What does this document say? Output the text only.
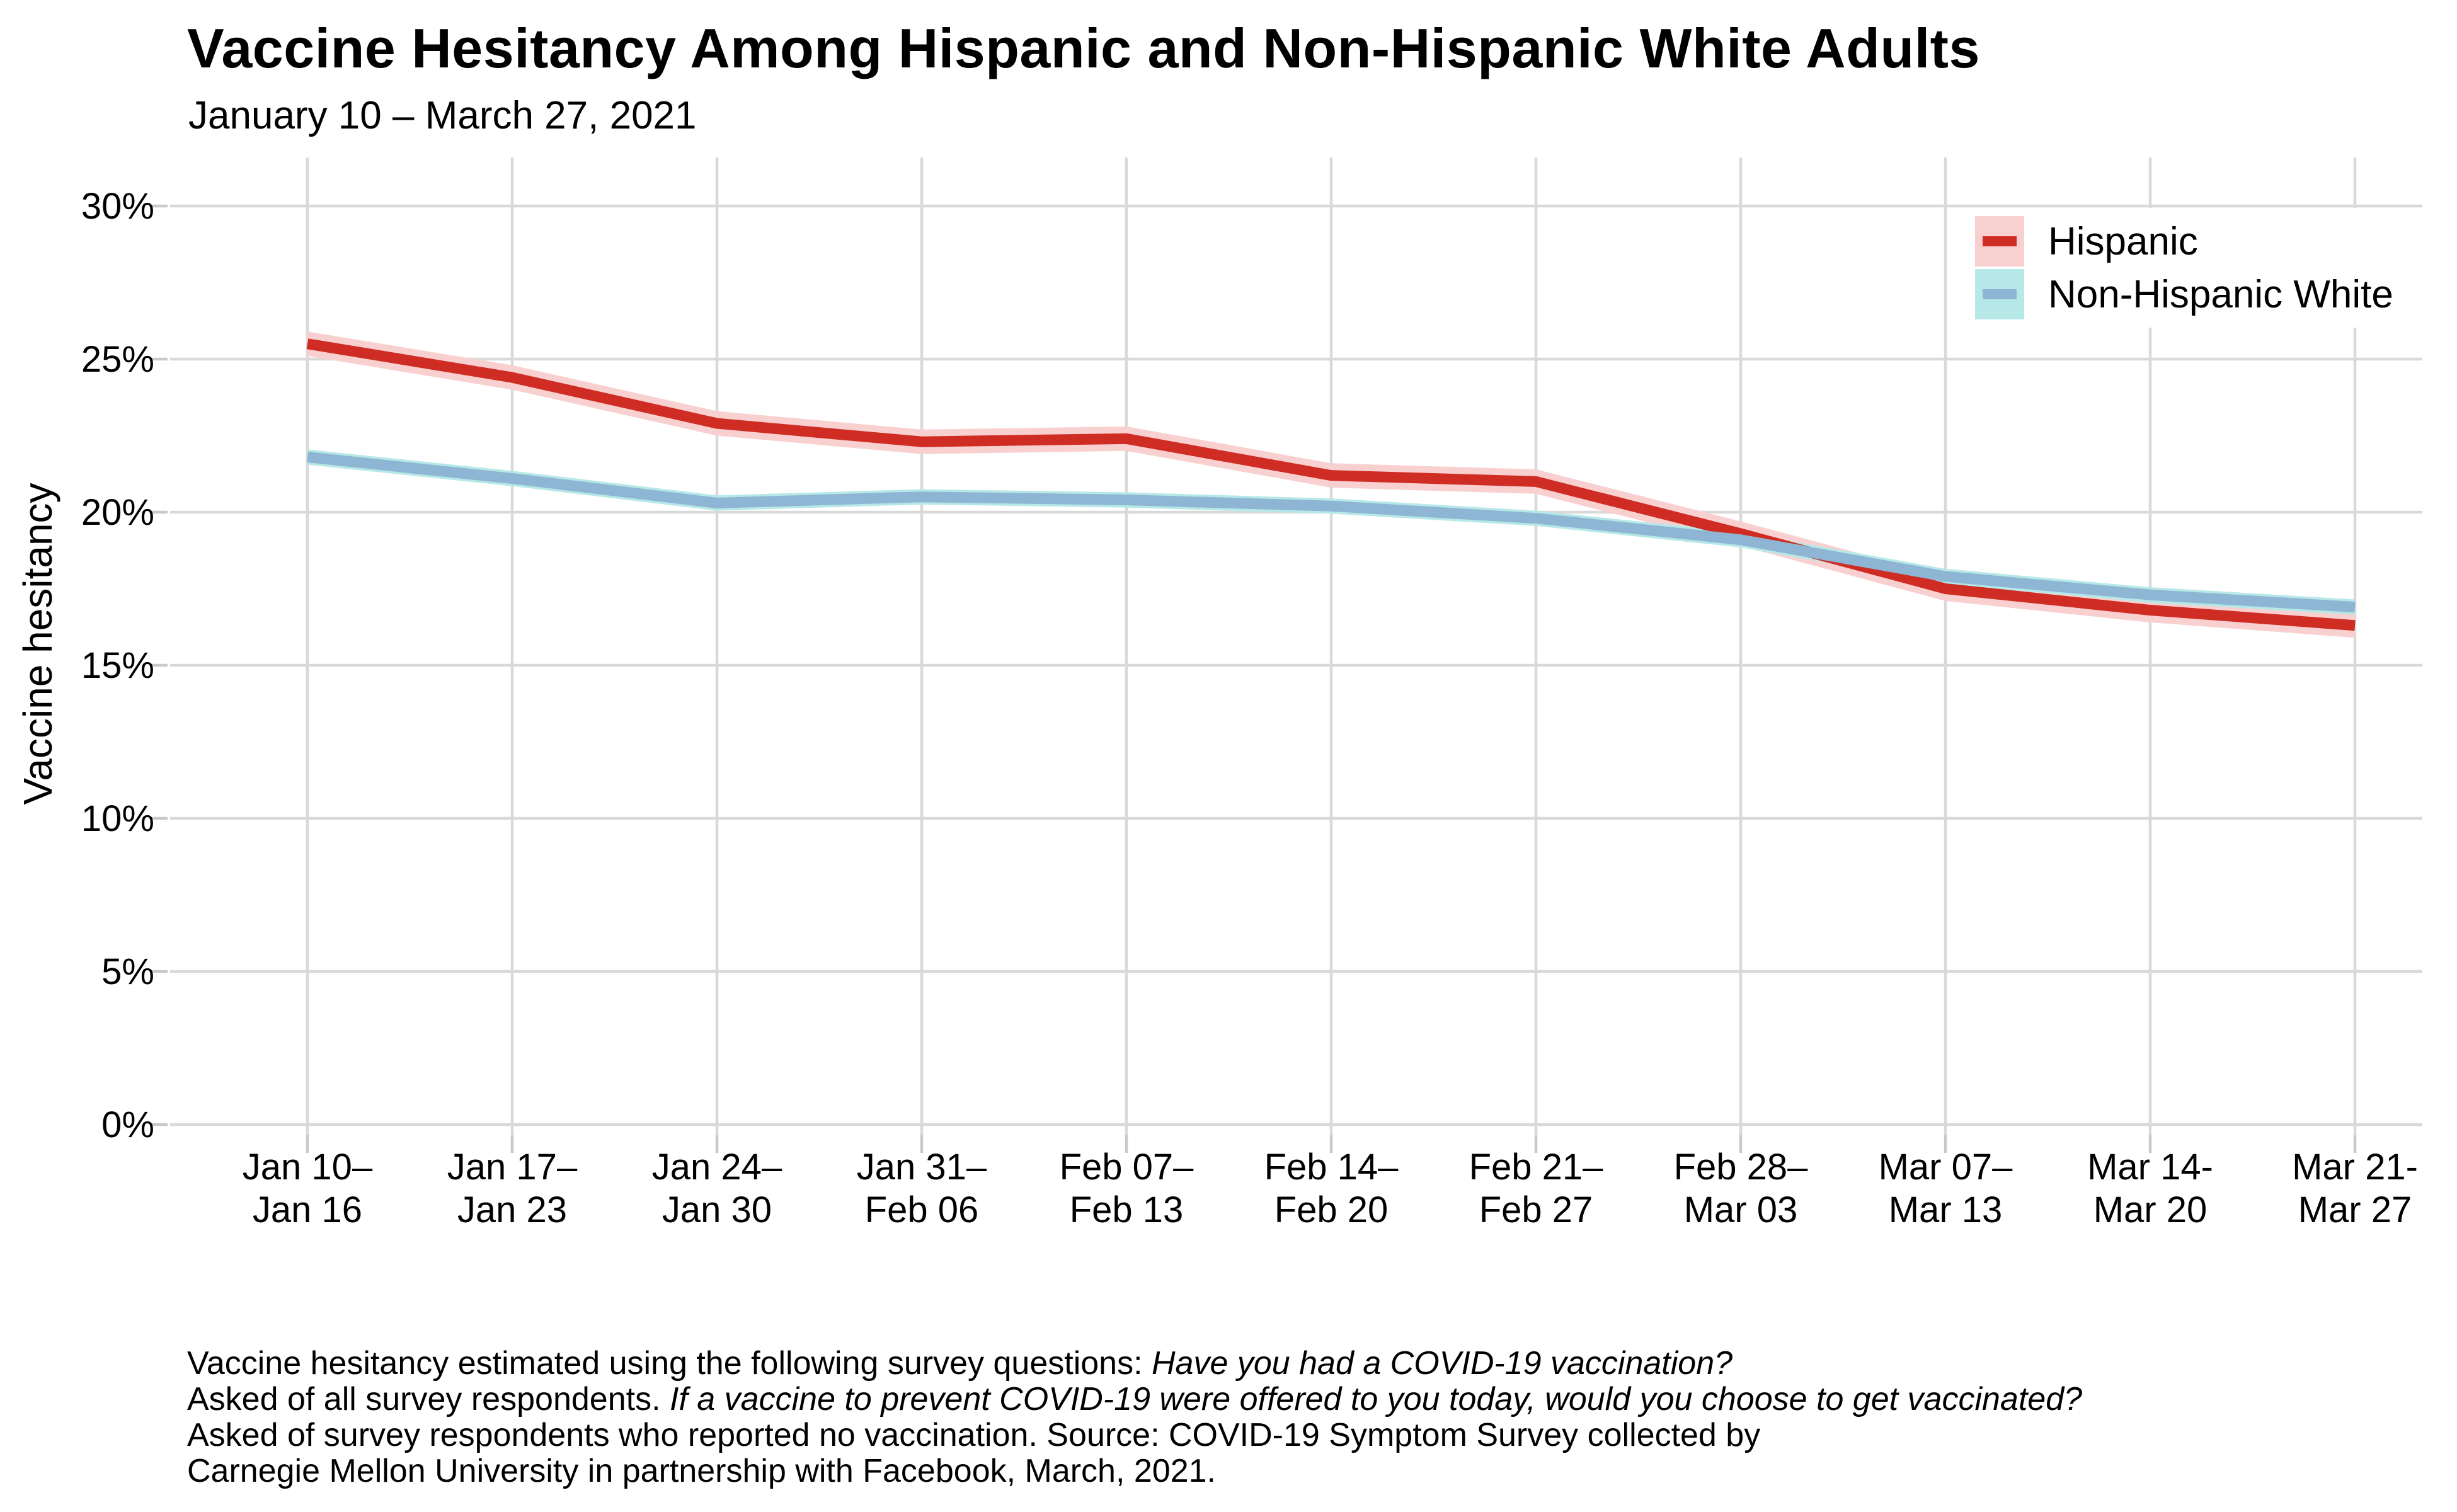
0%
5%
10%
15%
20%
25%
30%
Jan 10–
Jan 16
Jan 17–
Jan 23
Jan 24–
Jan 30
Jan 31–
Feb 06
Feb 07–
Feb 13
Feb 14–
Feb 20
Feb 21–
Feb 27
Feb 28–
Mar 03
Mar 07–
Mar 13
Mar 14-
Mar 20
Mar 21-
Mar 27
Vaccine Hesitancy Among Hispanic and Non-Hispanic White Adults
January 10 – March 27, 2021
Vaccine hesitancy
Hispanic
Non-Hispanic White
Vaccine hesitancy estimated using the following survey questions: Have you had a COVID-19 vaccination?
Asked of all survey respondents. If a vaccine to prevent COVID-19 were offered to you today, would you choose to get vaccinated?
Asked of survey respondents who reported no vaccination. Source: COVID-19 Symptom Survey collected by
Carnegie Mellon University in partnership with Facebook, March, 2021.
